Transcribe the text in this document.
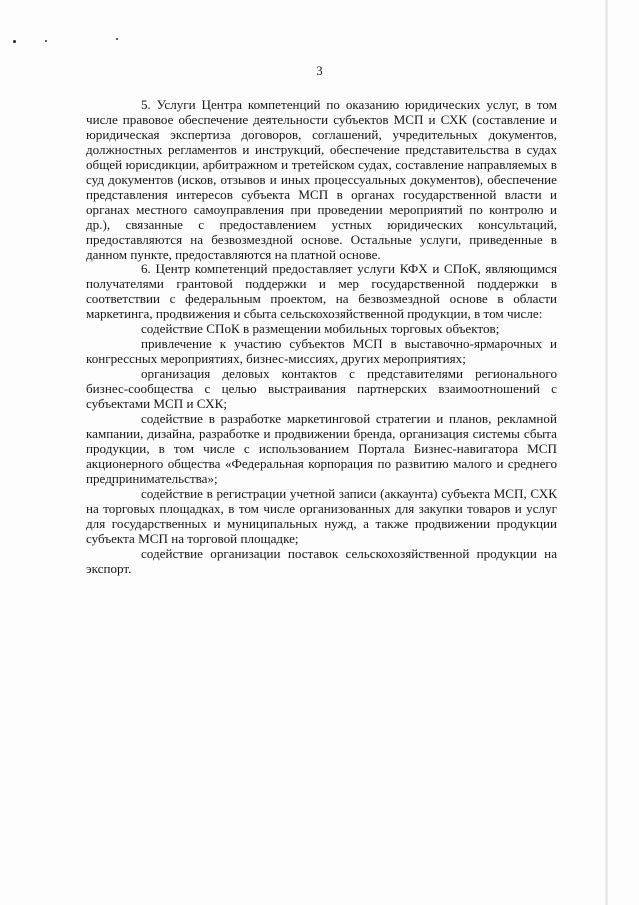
3

5. Услуги Центра компетенций по оказанию юридических услуг, в том числе правовое обеспечение деятельности субъектов МСП и СХК (составление и юридическая экспертиза договоров, соглашений, учредительных документов, должностных регламентов и инструкций, обеспечение представительства в судах общей юрисдикции, арбитражном и третейском судах, составление направляемых в суд документов (исков, отзывов и иных процессуальных документов), обеспечение представления интересов субъекта МСП в органах государственной власти и органах местного самоуправления при проведении мероприятий по контролю и др.), связанные с предоставлением устных юридических консультаций, предоставляются на безвозмездной основе. Остальные услуги, приведенные в данном пункте, предоставляются на платной основе.

6. Центр компетенций предоставляет услуги КФХ и СПоК, являющимся получателями грантовой поддержки и мер государственной поддержки в соответствии с федеральным проектом, на безвозмездной основе в области маркетинга, продвижения и сбыта сельскохозяйственной продукции, в том числе:

содействие СПоК в размещении мобильных торговых объектов;

привлечение к участию субъектов МСП в выставочно-ярмарочных и конгрессных мероприятиях, бизнес-миссиях, других мероприятиях;

организация деловых контактов с представителями регионального бизнес-сообщества с целью выстраивания партнерских взаимоотношений с субъектами МСП и СХК;

содействие в разработке маркетинговой стратегии и планов, рекламной кампании, дизайна, разработке и продвижении бренда, организация системы сбыта продукции, в том числе с использованием Портала Бизнес-навигатора МСП акционерного общества «Федеральная корпорация по развитию малого и среднего предпринимательства»;

содействие в регистрации учетной записи (аккаунта) субъекта МСП, СХК на торговых площадках, в том числе организованных для закупки товаров и услуг для государственных и муниципальных нужд, а также продвижении продукции субъекта МСП на торговой площадке;

содействие организации поставок сельскохозяйственной продукции на экспорт.
